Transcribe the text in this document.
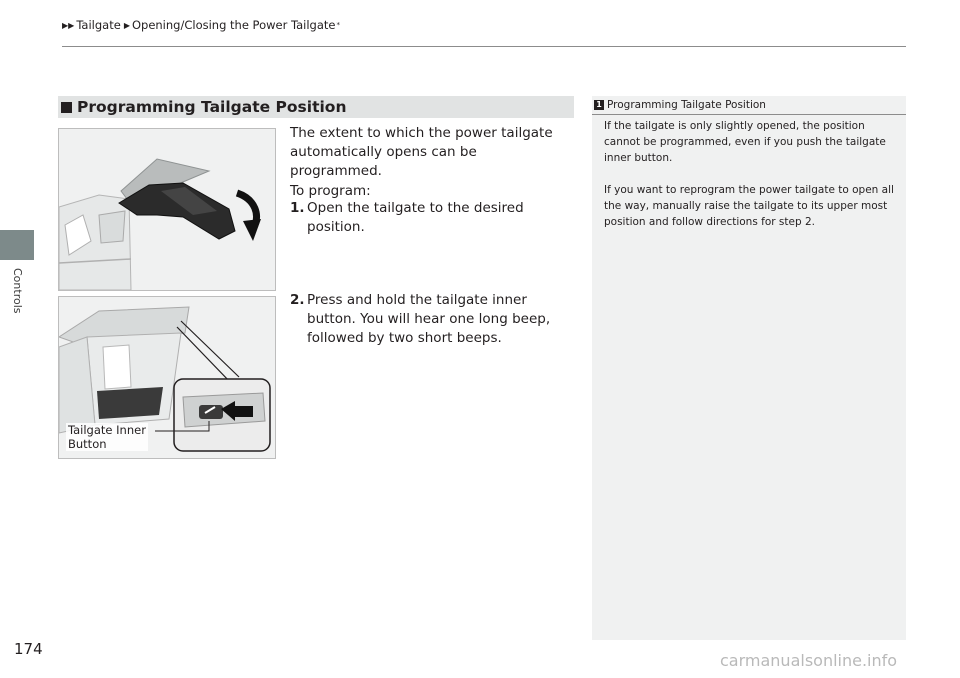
Controls
▶▶ Tailgate ▶ Opening/Closing the Power Tailgate *
Programming Tailgate Position
Tailgate Inner
Button
The extent to which the power tailgate automatically opens can be programmed.
To program:
1. Open the tailgate to the desired position.
2. Press and hold the tailgate inner button. You will hear one long beep, followed by two short beeps.
1 Programming Tailgate Position

If the tailgate is only slightly opened, the position cannot be programmed, even if you push the tailgate inner button.

If you want to reprogram the power tailgate to open all the way, manually raise the tailgate to its upper most position and follow directions for step 2.

174
carmanualsonline.info
